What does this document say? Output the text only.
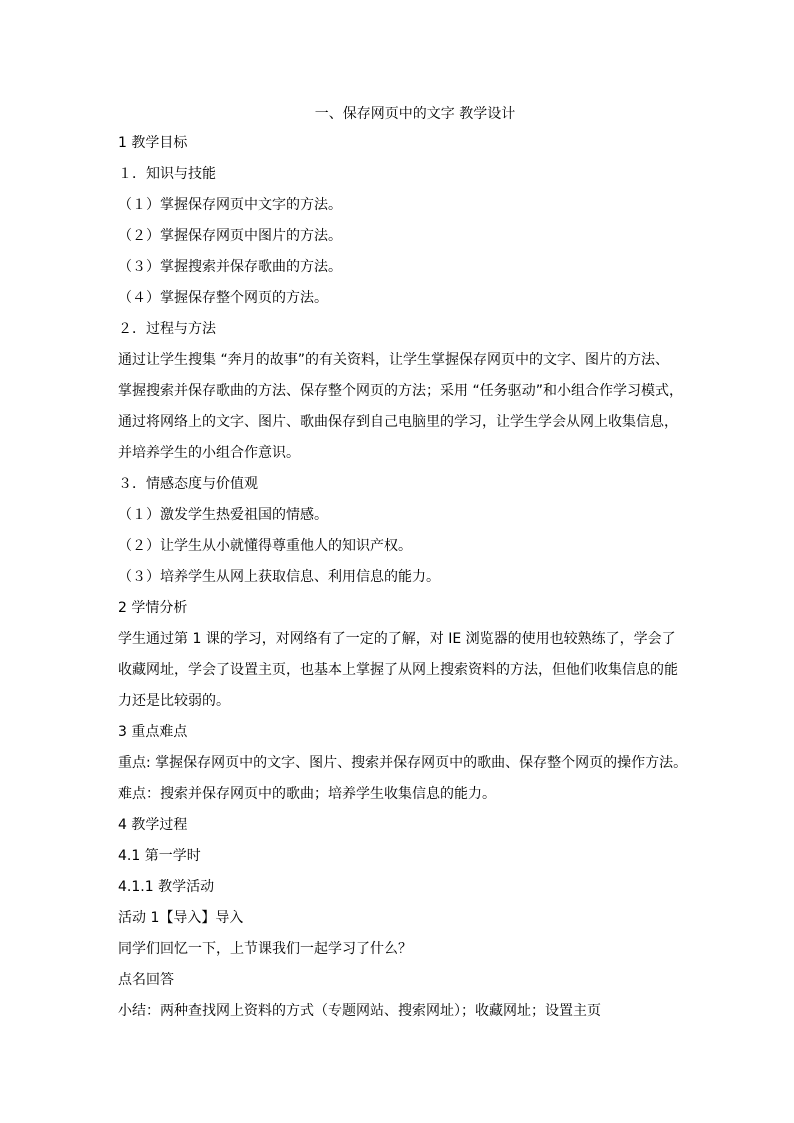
一、保存网页中的文字 教学设计
1 教学目标
１．知识与技能
（１）掌握保存网页中文字的方法。
（２）掌握保存网页中图片的方法。
（３）掌握搜索并保存歌曲的方法。
（４）掌握保存整个网页的方法。
２．过程与方法
通过让学生搜集 “奔月的故事”的有关资料，让学生掌握保存网页中的文字、图片的方法、
掌握搜索并保存歌曲的方法、保存整个网页的方法；采用 “任务驱动”和小组合作学习模式，
通过将网络上的文字、图片、歌曲保存到自己电脑里的学习，让学生学会从网上收集信息，
并培养学生的小组合作意识。
３．情感态度与价值观
（１）激发学生热爱祖国的情感。
（２）让学生从小就懂得尊重他人的知识产权。
（３）培养学生从网上获取信息、利用信息的能力。
2 学情分析
学生通过第 1 课的学习，对网络有了一定的了解，对 IE 浏览器的使用也较熟练了，学会了
收藏网址，学会了设置主页，也基本上掌握了从网上搜索资料的方法，但他们收集信息的能
力还是比较弱的。
3 重点难点
重点: 掌握保存网页中的文字、图片、搜索并保存网页中的歌曲、保存整个网页的操作方法。
难点：搜索并保存网页中的歌曲；培养学生收集信息的能力。
4 教学过程
4.1 第一学时
4.1.1 教学活动
活动 1【导入】导入
同学们回忆一下，上节课我们一起学习了什么？
点名回答
小结：两种查找网上资料的方式（专题网站、搜索网址）；收藏网址；设置主页
